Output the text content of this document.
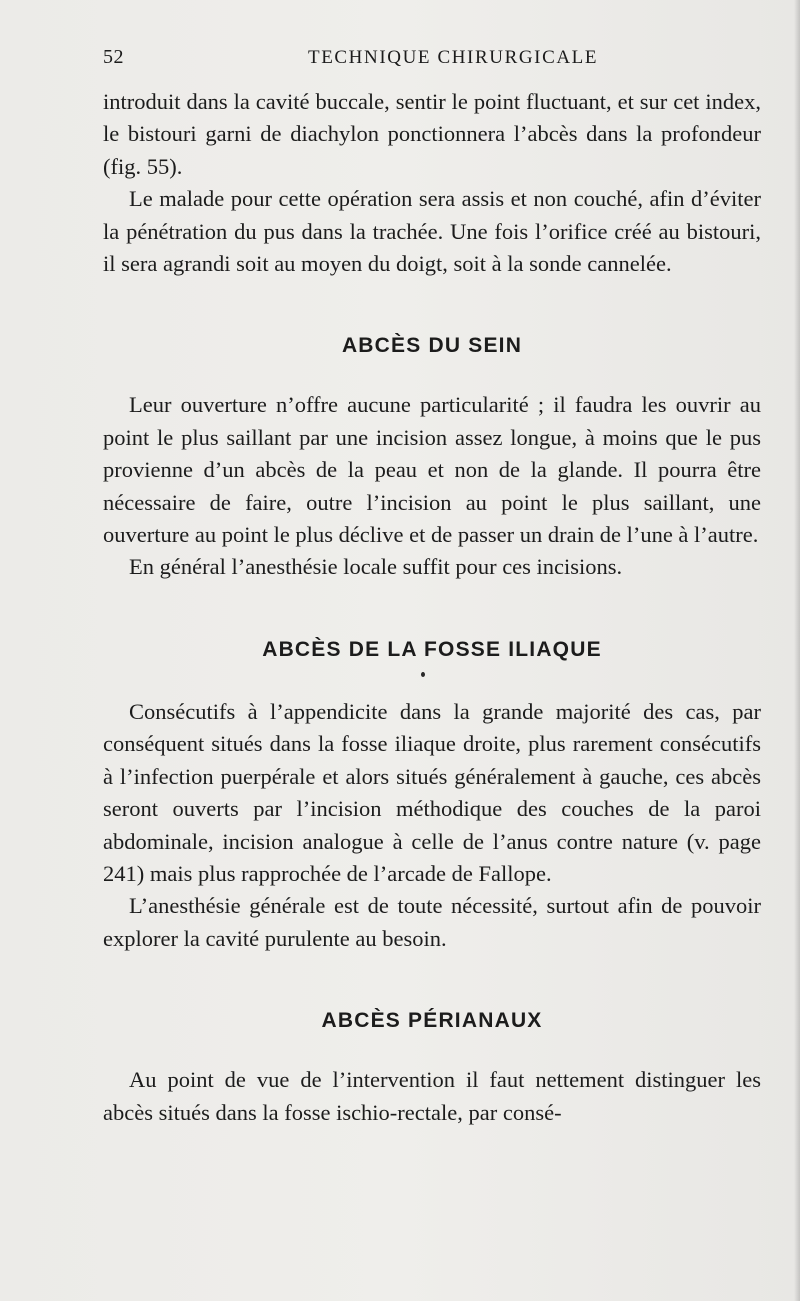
52	TECHNIQUE CHIRURGICALE

introduit dans la cavité buccale, sentir le point fluctuant, et sur cet index, le bistouri garni de diachylon ponctionnera l’abcès dans la profondeur (fig. 55).

Le malade pour cette opération sera assis et non couché, afin d’éviter la pénétration du pus dans la trachée. Une fois l’orifice créé au bistouri, il sera agrandi soit au moyen du doigt, soit à la sonde cannelée.

ABCÈS DU SEIN

Leur ouverture n’offre aucune particularité ; il faudra les ouvrir au point le plus saillant par une incision assez longue, à moins que le pus provienne d’un abcès de la peau et non de la glande. Il pourra être nécessaire de faire, outre l’incision au point le plus saillant, une ouverture au point le plus déclive et de passer un drain de l’une à l’autre.

En général l’anesthésie locale suffit pour ces incisions.

ABCÈS DE LA FOSSE ILIAQUE

Consécutifs à l’appendicite dans la grande majorité des cas, par conséquent situés dans la fosse iliaque droite, plus rarement consécutifs à l’infection puerpérale et alors situés généralement à gauche, ces abcès seront ouverts par l’incision méthodique des couches de la paroi abdominale, incision analogue à celle de l’anus contre nature (v. page 241) mais plus rapprochée de l’arcade de Fallope.

L’anesthésie générale est de toute nécessité, surtout afin de pouvoir explorer la cavité purulente au besoin.

ABCÈS PÉRIANAUX

Au point de vue de l’intervention il faut nettement distinguer les abcès situés dans la fosse ischio-rectale, par consé-
